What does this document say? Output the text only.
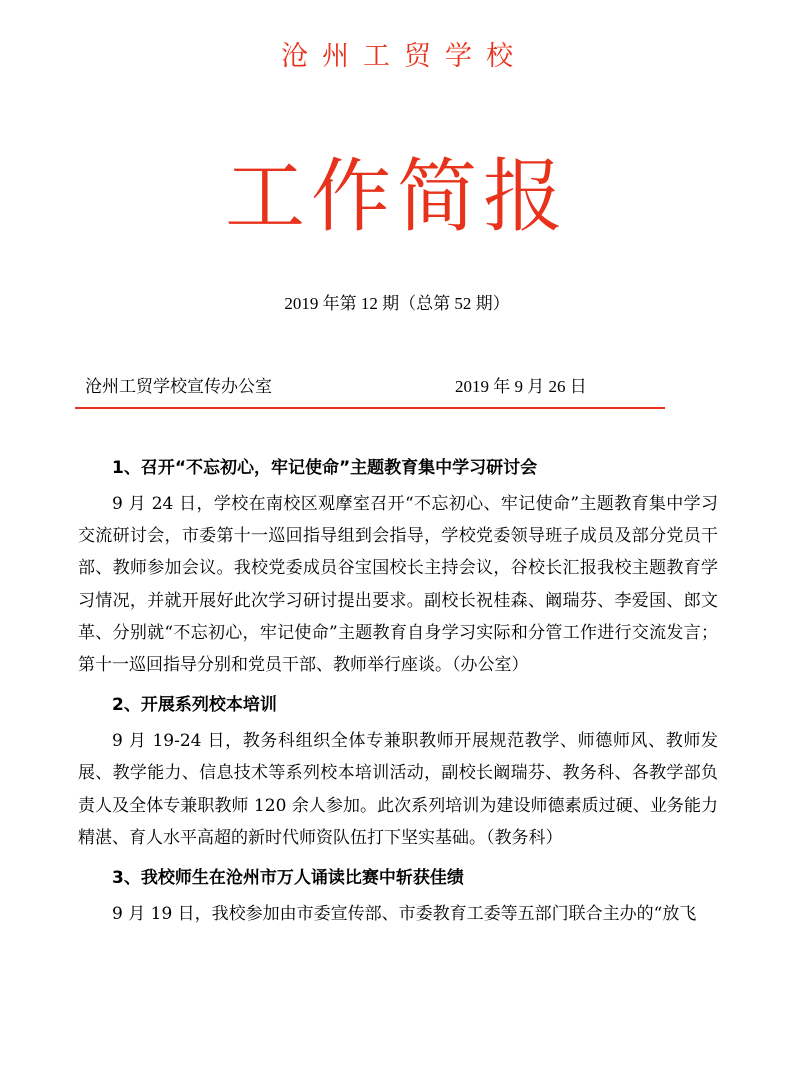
沧州工贸学校
工作简报
2019 年第 12 期（总第 52 期）
沧州工贸学校宣传办公室	2019 年 9 月 26 日

1、召开“不忘初心，牢记使命”主题教育集中学习研讨会

9 月 24 日，学校在南校区观摩室召开“不忘初心、牢记使命”主题教育集中学习交流研讨会，市委第十一巡回指导组到会指导，学校党委领导班子成员及部分党员干部、教师参加会议。我校党委成员谷宝国校长主持会议，谷校长汇报我校主题教育学习情况，并就开展好此次学习研讨提出要求。副校长祝桂森、阚瑞芬、李爱国、郎文革、分别就“不忘初心，牢记使命”主题教育自身学习实际和分管工作进行交流发言；第十一巡回指导分别和党员干部、教师举行座谈。（办公室）

2、开展系列校本培训

9 月 19-24 日，教务科组织全体专兼职教师开展规范教学、师德师风、教师发展、教学能力、信息技术等系列校本培训活动，副校长阚瑞芬、教务科、各教学部负责人及全体专兼职教师 120 余人参加。此次系列培训为建设师德素质过硬、业务能力精湛、育人水平高超的新时代师资队伍打下坚实基础。（教务科）

3、我校师生在沧州市万人诵读比赛中斩获佳绩

9 月 19 日，我校参加由市委宣传部、市委教育工委等五部门联合主办的“放飞
